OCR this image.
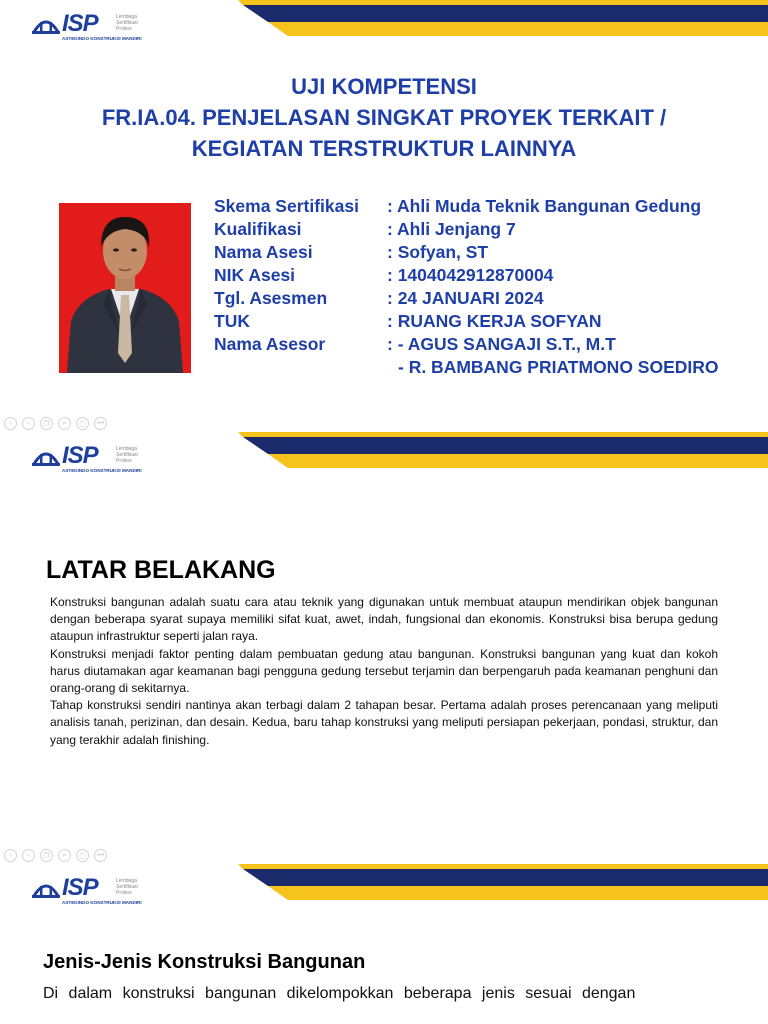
ISP	Lembaga
Sertifikasi
Profesi
ASTEKINDO KONSTRUKSI MANDIRI
UJI KOMPETENSI
FR.IA.04. PENJELASAN SINGKAT PROYEK TERKAIT /
KEGIATAN TERSTRUKTUR LAINNYA
Skema Sertifikasi : Ahli Muda Teknik Bangunan Gedung
Kualifikasi	: Ahli Jenjang 7
Nama Asesi	: Sofyan, ST
NIK Asesi	: 1404042912870004
Tgl. Asesmen	: 24 JANUARI 2024
TUK	: RUANG KERJA SOFYAN
Nama Asesor	: - AGUS SANGAJI S.T., M.T
- R. BAMBANG PRIATMONO SOEDIRO
‹	›	❐	⌕	▢	•••
ISP	Lembaga
Sertifikasi
Profesi
ASTEKINDO KONSTRUKSI MANDIRI
LATAR BELAKANG

Konstruksi bangunan adalah suatu cara atau teknik yang digunakan untuk membuat ataupun mendirikan objek bangunan dengan beberapa syarat supaya memiliki sifat kuat, awet, indah, fungsional dan ekonomis. Konstruksi bisa berupa gedung ataupun infrastruktur seperti jalan raya.

Konstruksi menjadi faktor penting dalam pembuatan gedung atau bangunan. Konstruksi bangunan yang kuat dan kokoh harus diutamakan agar keamanan bagi pengguna gedung tersebut terjamin dan berpengaruh pada keamanan penghuni dan orang-orang di sekitarnya.

Tahap konstruksi sendiri nantinya akan terbagi dalam 2 tahapan besar. Pertama adalah proses perencanaan yang meliputi analisis tanah, perizinan, dan desain. Kedua, baru tahap konstruksi yang meliputi persiapan pekerjaan, pondasi, struktur, dan yang terakhir adalah finishing.

‹	›	❐	⌕	▢	•••
ISP	Lembaga
Sertifikasi
Profesi
ASTEKINDO KONSTRUKSI MANDIRI
Jenis-Jenis Konstruksi Bangunan
Di dalam konstruksi bangunan dikelompokkan beberapa jenis sesuai dengan
